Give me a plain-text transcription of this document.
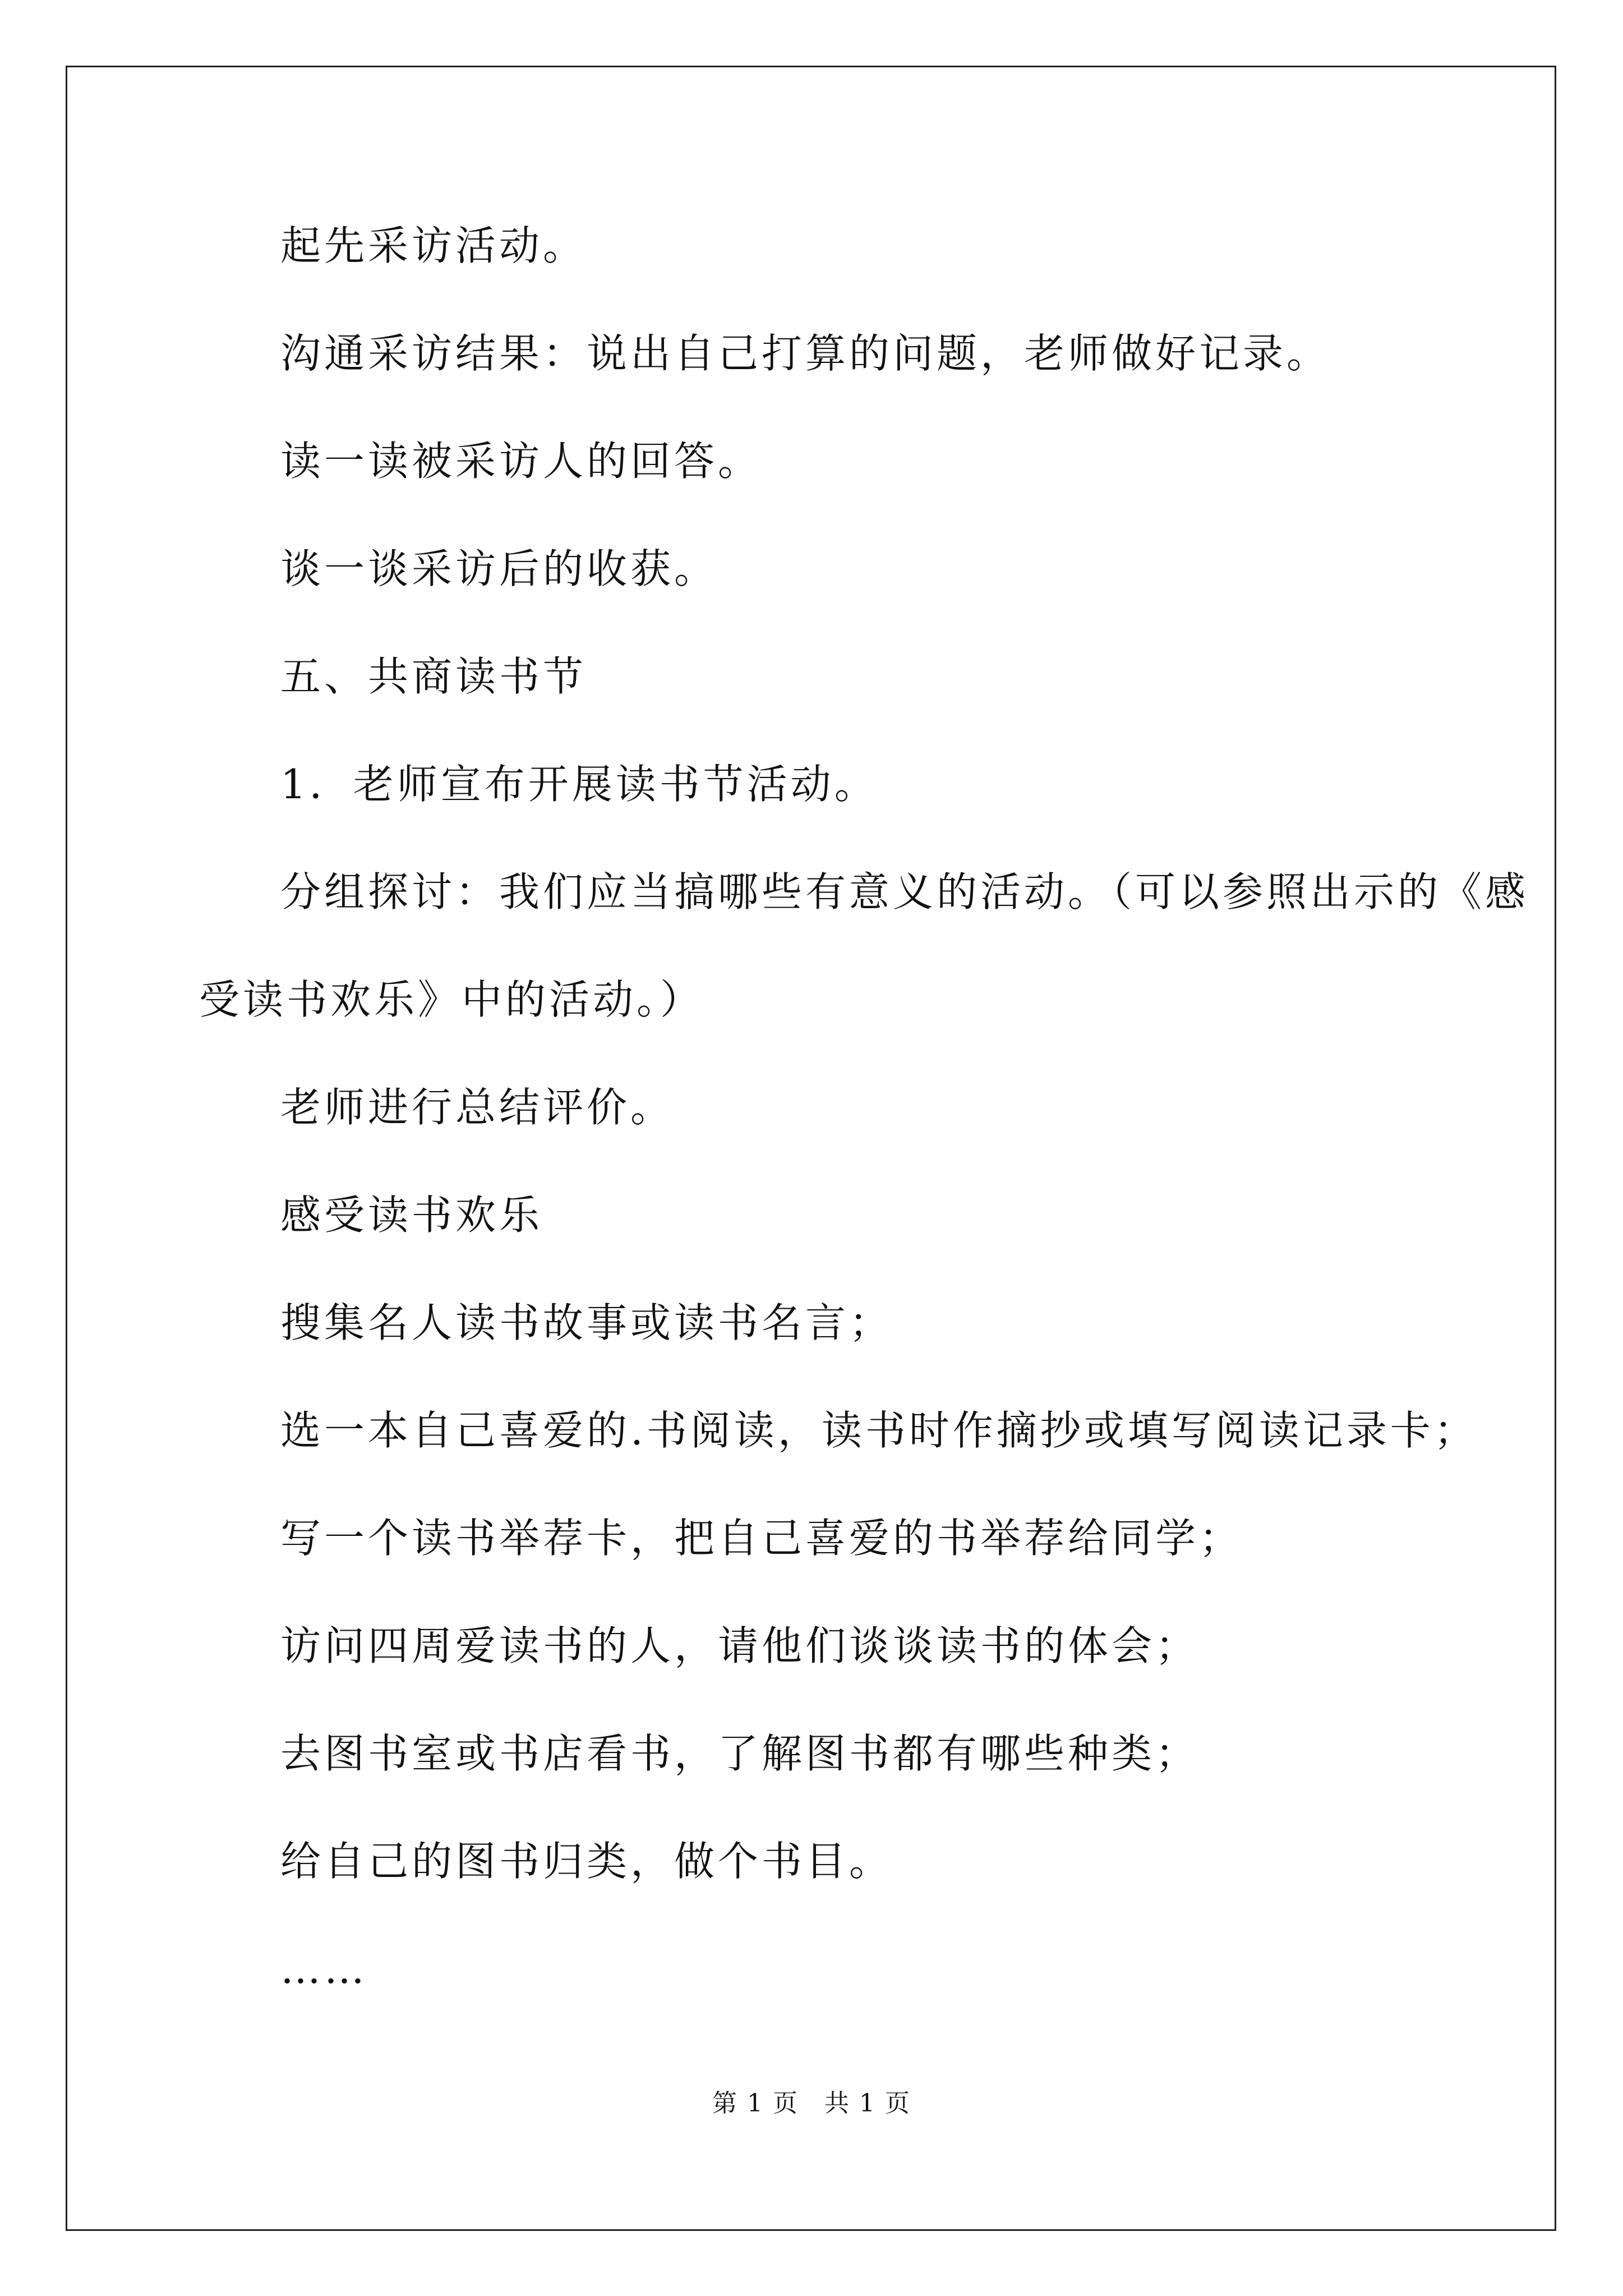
起先采访活动。
沟通采访结果：说出自己打算的问题，老师做好记录。
读一读被采访人的回答。
谈一谈采访后的收获。
五、共商读书节
1．老师宣布开展读书节活动。
分组探讨：我们应当搞哪些有意义的活动。（可以参照出示的《感
受读书欢乐》中的活动。）
老师进行总结评价。
感受读书欢乐
搜集名人读书故事或读书名言；
选一本自己喜爱的.书阅读，读书时作摘抄或填写阅读记录卡；
写一个读书举荐卡，把自己喜爱的书举荐给同学；
访问四周爱读书的人，请他们谈谈读书的体会；
去图书室或书店看书，了解图书都有哪些种类；
给自己的图书归类，做个书目。
……
第 1 页　共 1 页
